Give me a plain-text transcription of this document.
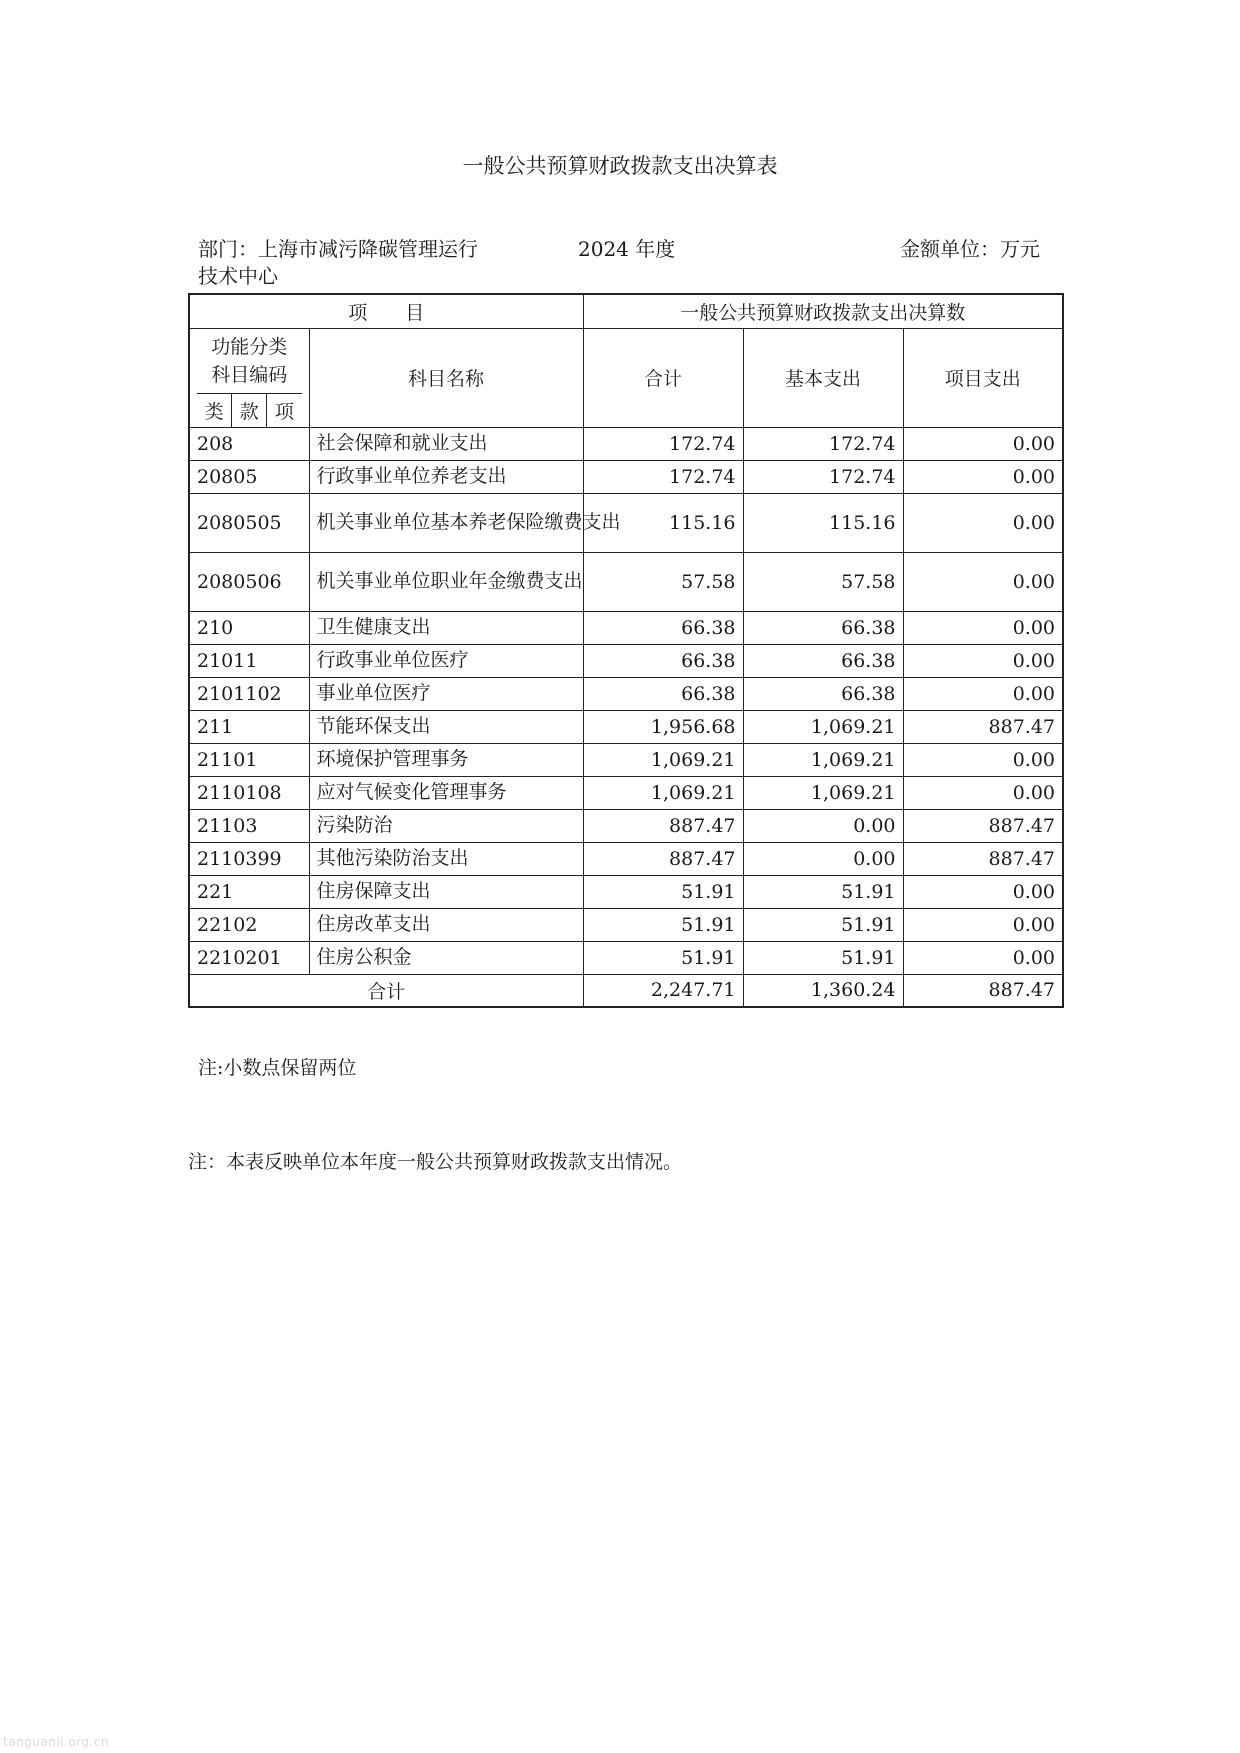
一般公共预算财政拨款支出决算表
部门：上海市减污降碳管理运行
技术中心
2024 年度	金额单位：万元
项　　目		一般公共预算财政拨款支出决算数		

功能分类科目编码
类 款 项	科目名称	合计	基本支出	项目支出
208	社会保障和就业支出	172.74	172.74	0.00
20805	行政事业单位养老支出	172.74	172.74	0.00
2080505	机关事业单位基本养老保险缴费支出	115.16	115.16	0.00
2080506	机关事业单位职业年金缴费支出	57.58	57.58	0.00
210	卫生健康支出	66.38	66.38	0.00
21011	行政事业单位医疗	66.38	66.38	0.00
2101102	事业单位医疗	66.38	66.38	0.00
211	节能环保支出	1,956.68	1,069.21	887.47
21101	环境保护管理事务	1,069.21	1,069.21	0.00
2110108	应对气候变化管理事务	1,069.21	1,069.21	0.00
21103	污染防治	887.47	0.00	887.47
2110399	其他污染防治支出	887.47	0.00	887.47
221	住房保障支出	51.91	51.91	0.00
22102	住房改革支出	51.91	51.91	0.00
2210201	住房公积金	51.91	51.91	0.00
合计		2,247.71	1,360.24	887.47
注:小数点保留两位
注：本表反映单位本年度一般公共预算财政拨款支出情况。
tanguanli.org.cn
